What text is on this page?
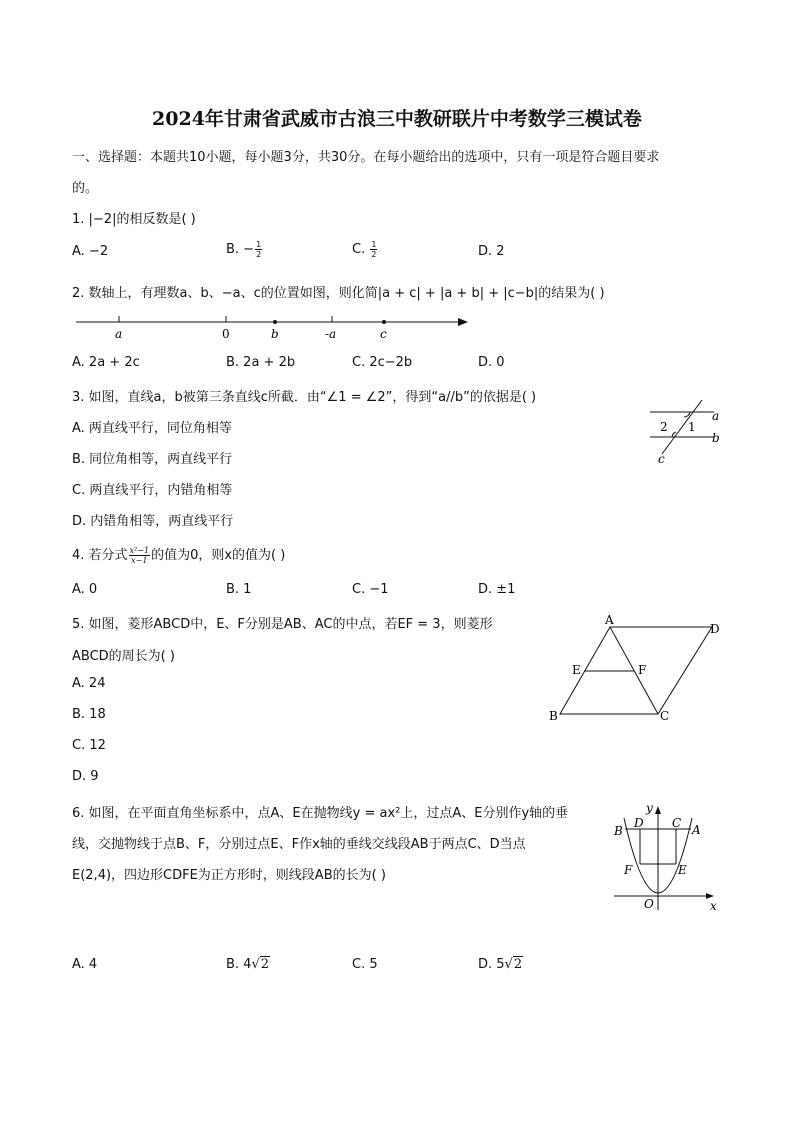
2024年甘肃省武威市古浪三中教研联片中考数学三模试卷
一、选择题：本题共10小题，每小题3分，共30分。在每小题给出的选项中，只有一项是符合题目要求
的。
1. |−2|的相反数是( )
A. −2	B. − $\frac{1}{2}$	C. $\frac{1}{2}$	D. 2
2. 数轴上，有理数a、b、−a、c的位置如图，则化简|a + c| + |a + b| + |c−b|的结果为( )
a	0	b	-a	c
A. 2a + 2c	B. 2a + 2b	C. 2c−2b	D. 0
3. 如图，直线a，b被第三条直线c所截．由“∠1 = ∠2”，得到“a//b”的依据是( )
A. 两直线平行，同位角相等
B. 同位角相等，两直线平行
C. 两直线平行，内错角相等
D. 内错角相等，两直线平行
a
b
c
1
2
4. 若分式 $\frac{\text{x²−1}}{x-1}$ 的值为0，则x的值为( )
A. 0	B. 1	C. −1	D. ±1
5. 如图，菱形ABCD中，E、F分别是AB、AC的中点，若EF = 3，则菱形
ABCD的周长为( )
A. 24
B. 18
C. 12
D. 9
A
D
B	C
E	F
6. 如图，在平面直角坐标系中，点A、E在抛物线y = ax²上，过点A、E分别作y轴的垂
线，交抛物线于点B、F，分别过点E、F作x轴的垂线交线段AB于两点C、D当点
E(2,4)，四边形CDFE为正方形时，则线段AB的长为( )
y
x
O
B
D C A
F	E
A. 4	B. 4√2	C. 5	D. 5√2
